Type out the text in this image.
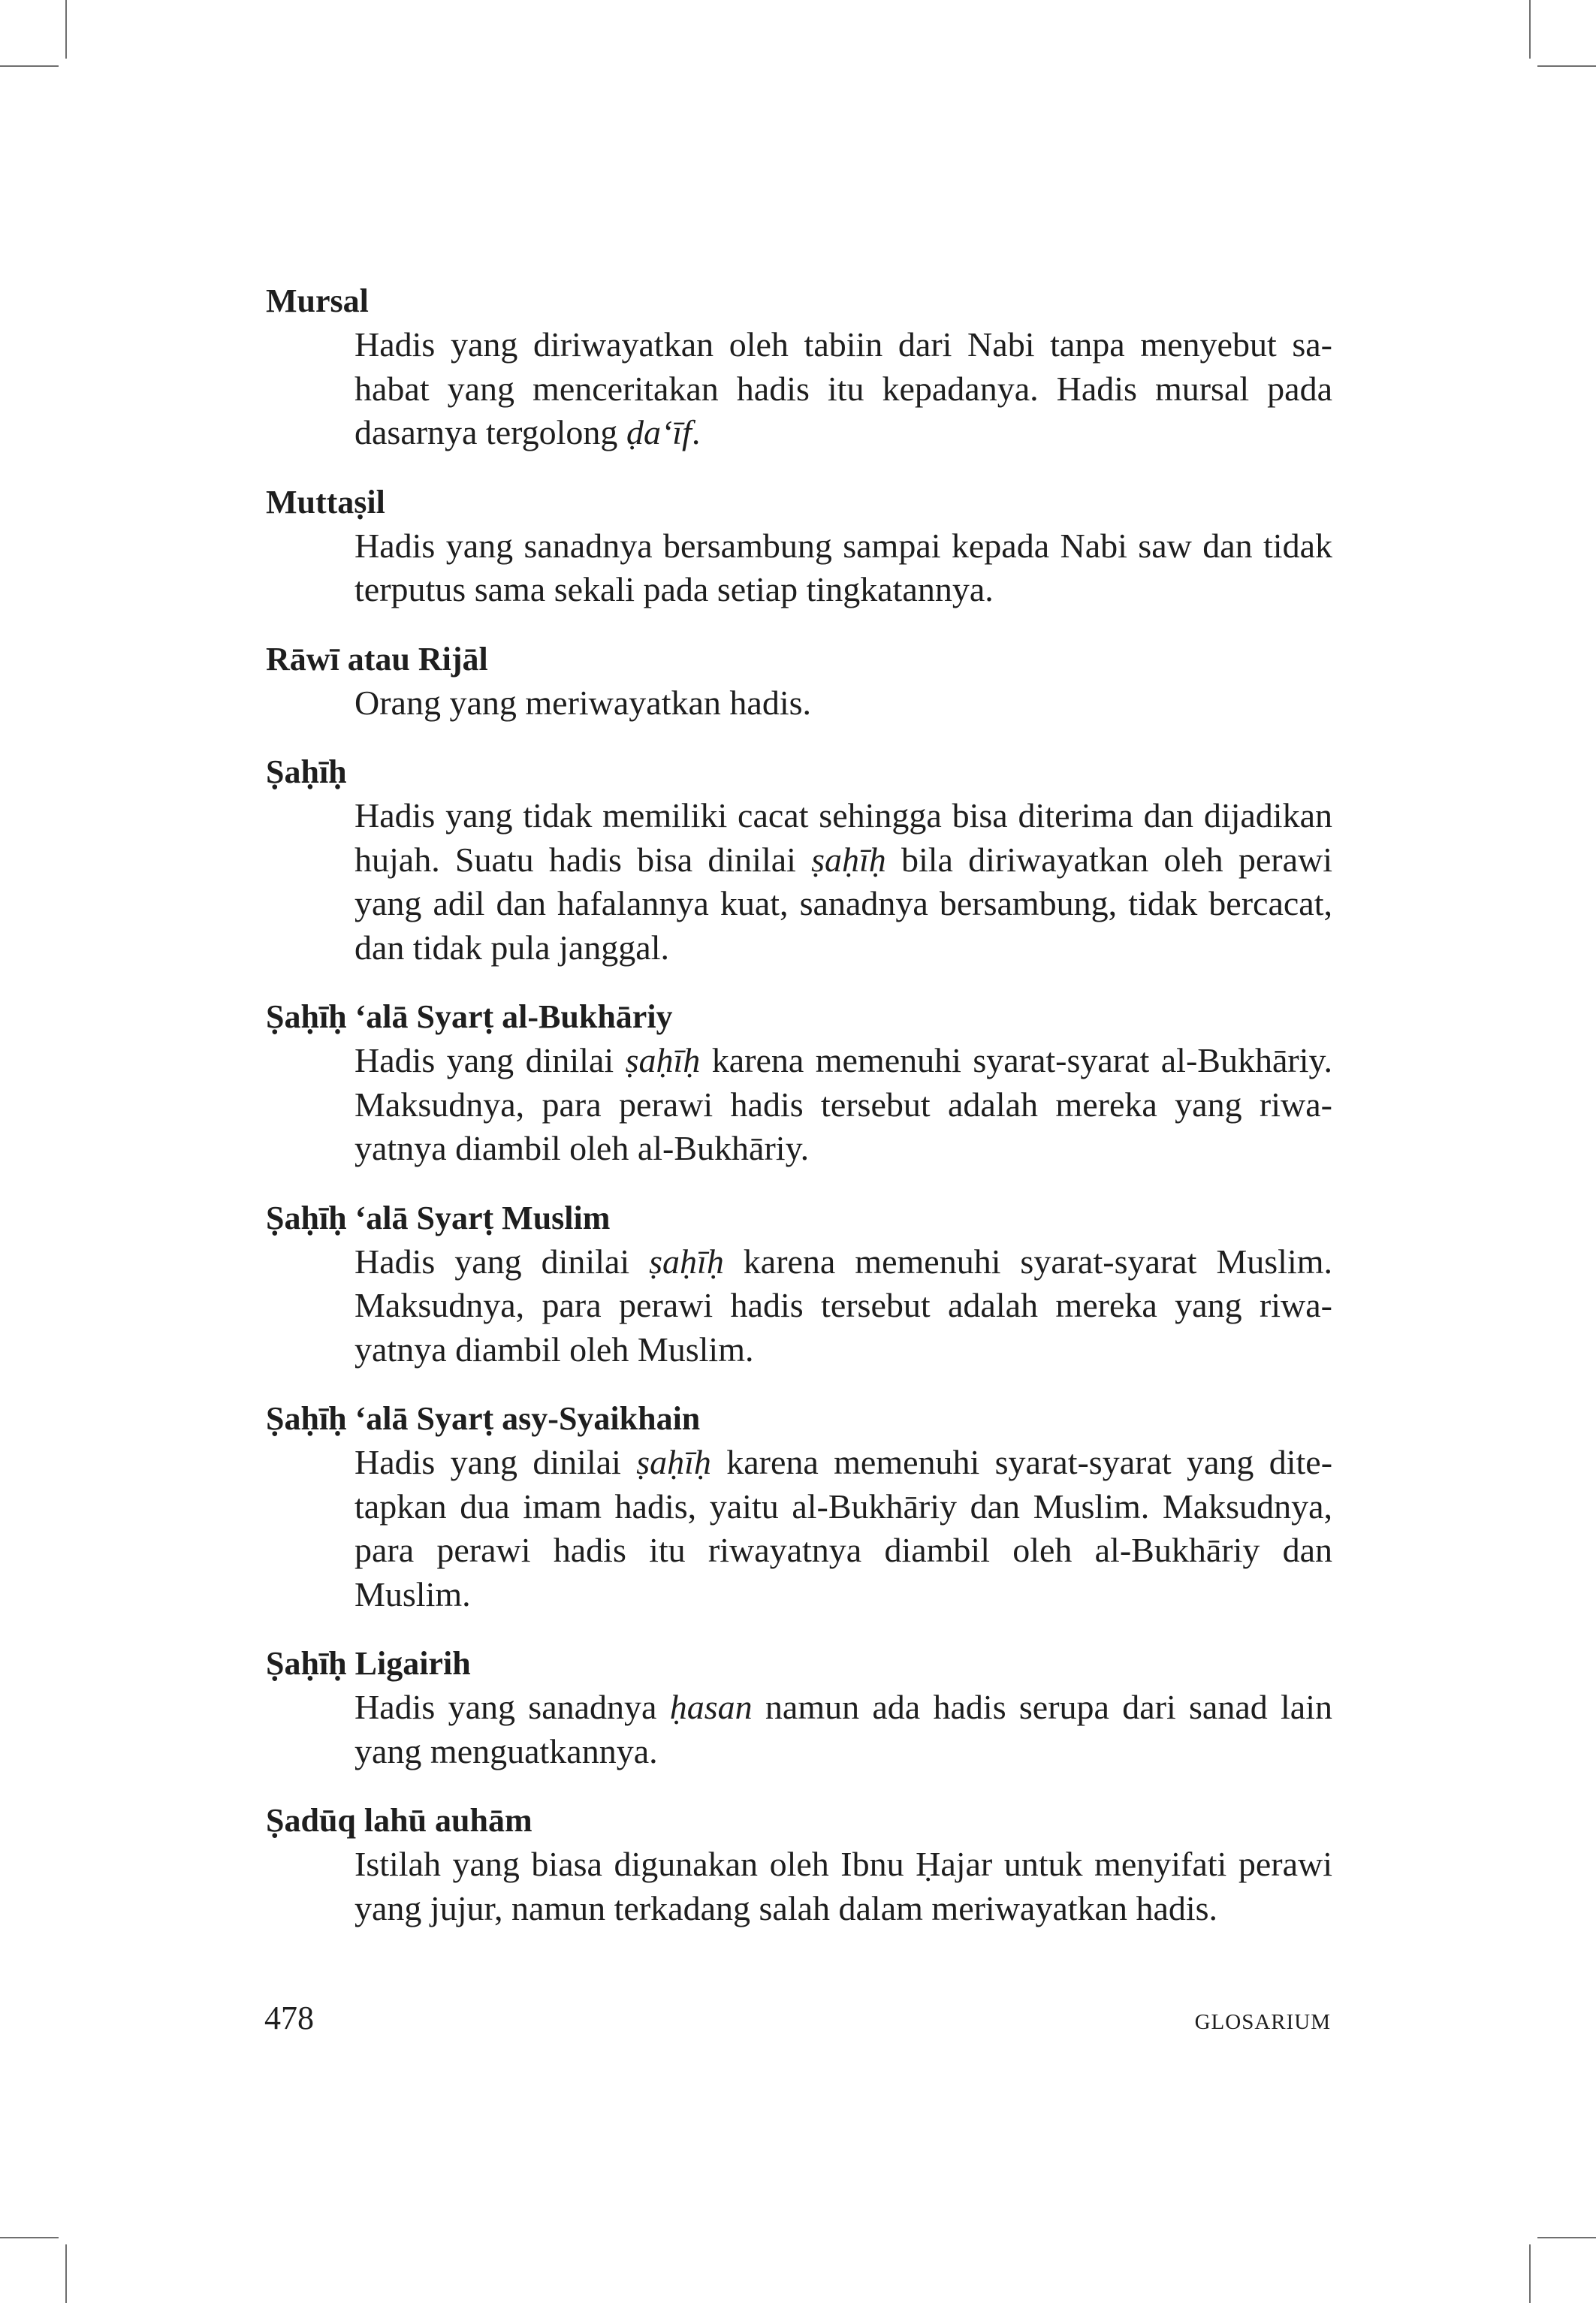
Mursal

Hadis yang diriwayatkan oleh tabiin dari Nabi tanpa menyebut sahabat yang menceritakan hadis itu kepadanya. Hadis mursal pada dasarnya tergolong ḍa‘īf.

Muttaṣil

Hadis yang sanadnya bersambung sampai kepada Nabi saw dan tidak terputus sama sekali pada setiap tingkatannya.

Rāwī atau Rijāl

Orang yang meriwayatkan hadis.

Ṣaḥīḥ

Hadis yang tidak memiliki cacat sehingga bisa diterima dan dijadikan hujah. Suatu hadis bisa dinilai ṣaḥīḥ bila diriwayatkan oleh perawi yang adil dan hafalannya kuat, sanadnya bersambung, tidak bercacat, dan tidak pula janggal.

Ṣaḥīḥ ‘alā Syarṭ al-Bukhāriy

Hadis yang dinilai ṣaḥīḥ karena memenuhi syarat-syarat al-Bukhāriy. Maksudnya, para perawi hadis tersebut adalah mereka yang riwayatnya diambil oleh al-Bukhāriy.

Ṣaḥīḥ ‘alā Syarṭ Muslim

Hadis yang dinilai ṣaḥīḥ karena memenuhi syarat-syarat Muslim. Maksudnya, para perawi hadis tersebut adalah mereka yang riwayatnya diambil oleh Muslim.

Ṣaḥīḥ ‘alā Syarṭ asy-Syaikhain

Hadis yang dinilai ṣaḥīḥ karena memenuhi syarat-syarat yang ditetapkan dua imam hadis, yaitu al-Bukhāriy dan Muslim. Maksudnya, para perawi hadis itu riwayatnya diambil oleh al-Bukhāriy dan Muslim.

Ṣaḥīḥ Ligairih

Hadis yang sanadnya ḥasan namun ada hadis serupa dari sanad lain yang menguatkannya.

Ṣadūq lahū auhām

Istilah yang biasa digunakan oleh Ibnu Ḥajar untuk menyifati perawi yang jujur, namun terkadang salah dalam meriwayatkan hadis.

478	GLOSARIUM
